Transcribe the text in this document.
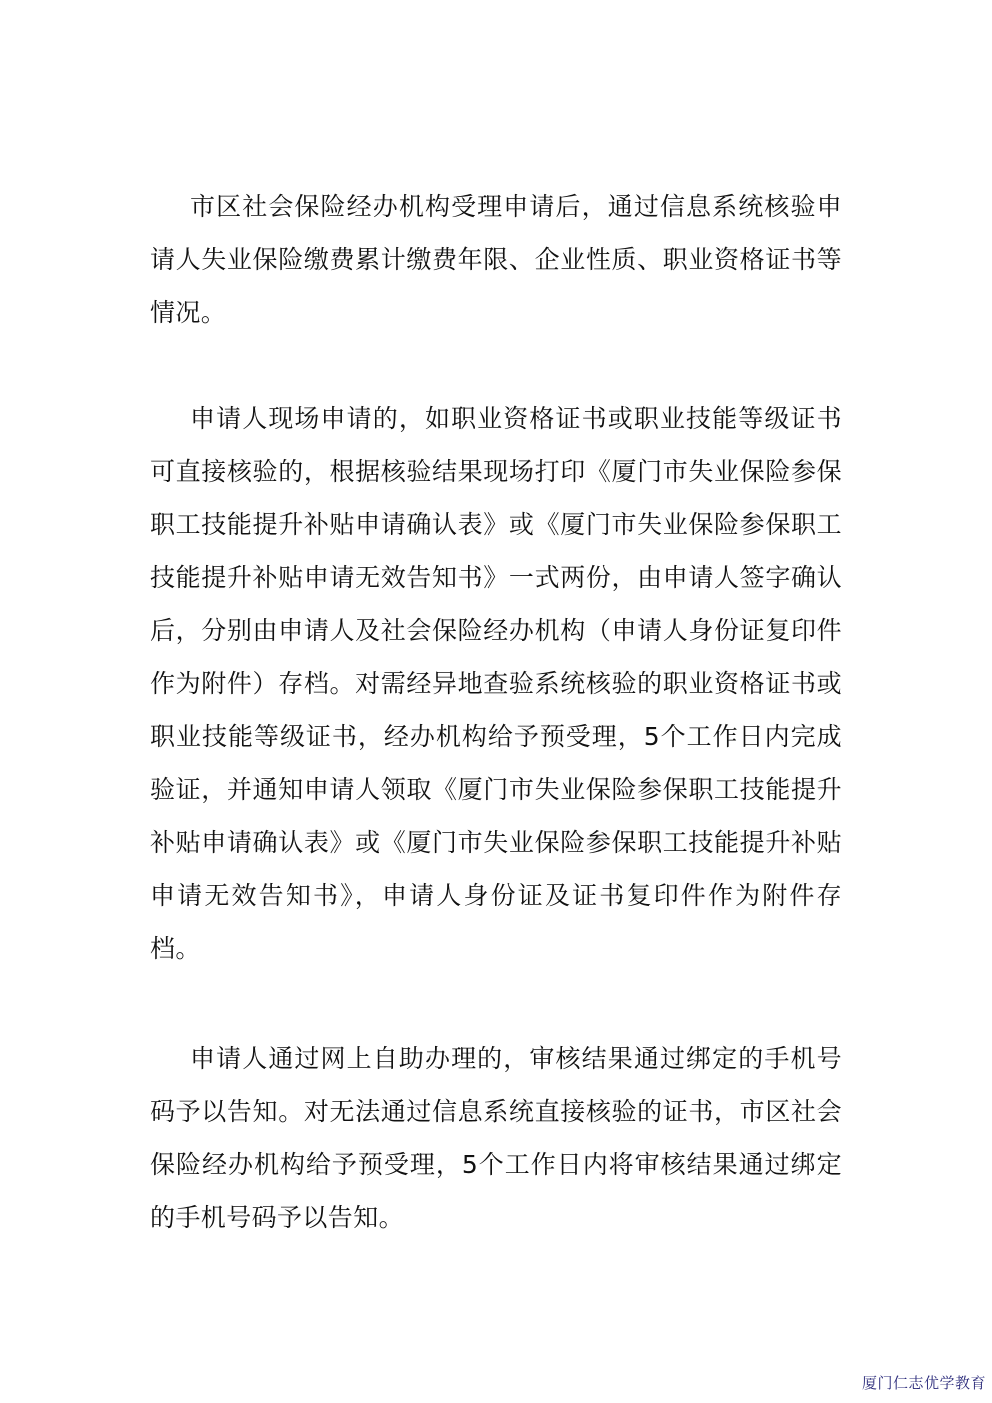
市区社会保险经办机构受理申请后，通过信息系统核验申请人失业保险缴费累计缴费年限、企业性质、职业资格证书等情况。

申请人现场申请的，如职业资格证书或职业技能等级证书可直接核验的，根据核验结果现场打印《厦门市失业保险参保职工技能提升补贴申请确认表》或《厦门市失业保险参保职工技能提升补贴申请无效告知书》一式两份，由申请人签字确认后，分别由申请人及社会保险经办机构（申请人身份证复印件作为附件）存档。对需经异地查验系统核验的职业资格证书或职业技能等级证书，经办机构给予预受理，5个工作日内完成验证，并通知申请人领取《厦门市失业保险参保职工技能提升补贴申请确认表》或《厦门市失业保险参保职工技能提升补贴申请无效告知书》，申请人身份证及证书复印件作为附件存档。

申请人通过网上自助办理的，审核结果通过绑定的手机号码予以告知。对无法通过信息系统直接核验的证书，市区社会保险经办机构给予预受理，5个工作日内将审核结果通过绑定的手机号码予以告知。

厦门仁志优学教育
